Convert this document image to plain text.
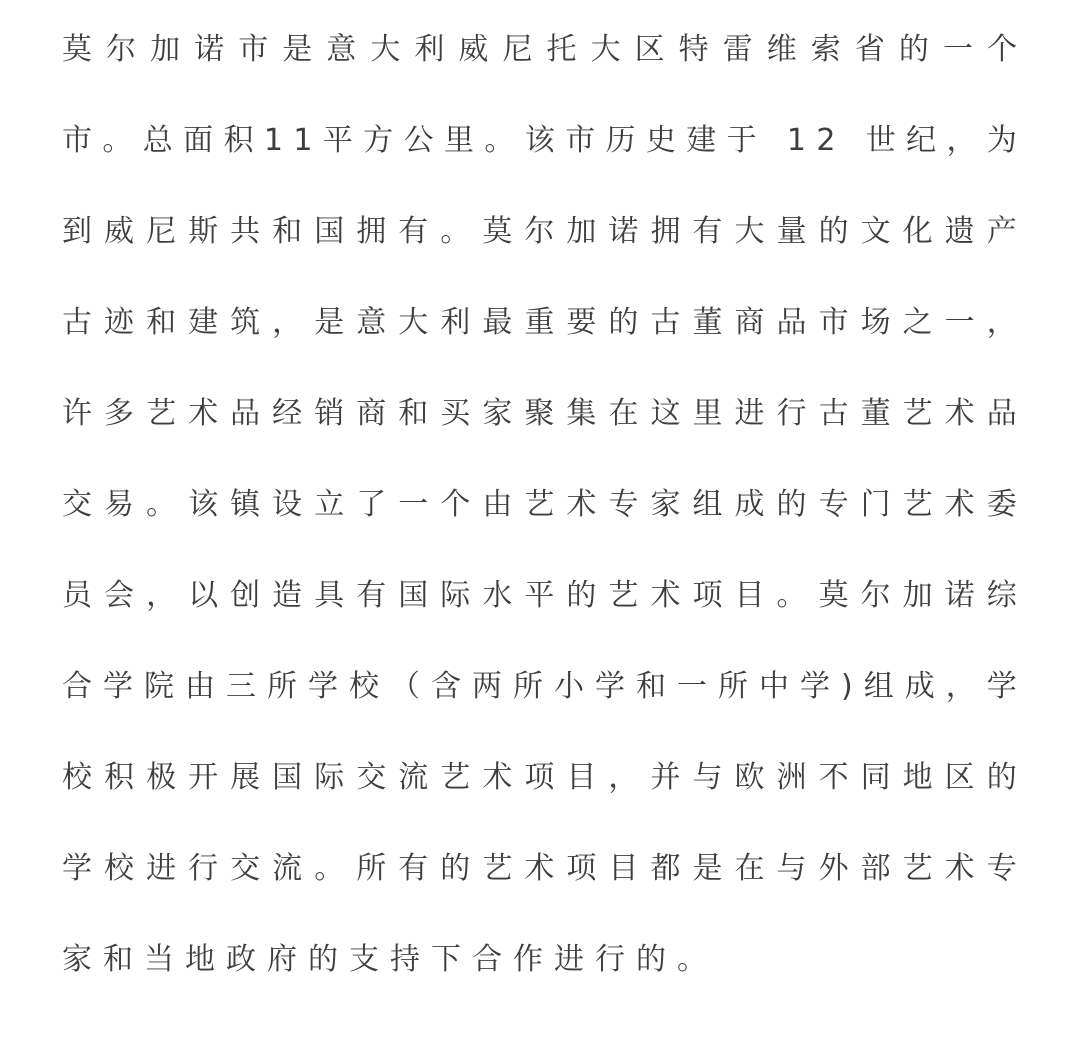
莫 尔 加 诺 市 是 意 大 利 威 尼 托 大 区 特 雷 维 索 省 的 一 个

市 。 总 面 积 1 1 平 方 公 里 。 该 市 历 史 建 于
1 2
世 纪 ， 为

到 威 尼 斯 共 和 国 拥 有 。 莫 尔 加 诺 拥 有 大 量 的 文 化 遗 产

古 迹 和 建 筑 ， 是 意 大 利 最 重 要 的 古 董 商 品 市 场 之 一 ，

许 多 艺 术 品 经 销 商 和 买 家 聚 集 在 这 里 进 行 古 董 艺 术 品

交 易 。 该 镇 设 立 了 一 个 由 艺 术 专 家 组 成 的 专 门 艺 术 委

员 会 ， 以 创 造 具 有 国 际 水 平 的 艺 术 项 目 。 莫 尔 加 诺 综

合 学 院 由 三 所 学 校 （ 含 两 所 小 学 和 一 所 中 学 ) 组 成 ， 学

校 积 极 开 展 国 际 交 流 艺 术 项 目 ， 并 与 欧 洲 不 同 地 区 的

学 校 进 行 交 流 。 所 有 的 艺 术 项 目 都 是 在 与 外 部 艺 术 专

家和当地政府的支持下合作进行的。
